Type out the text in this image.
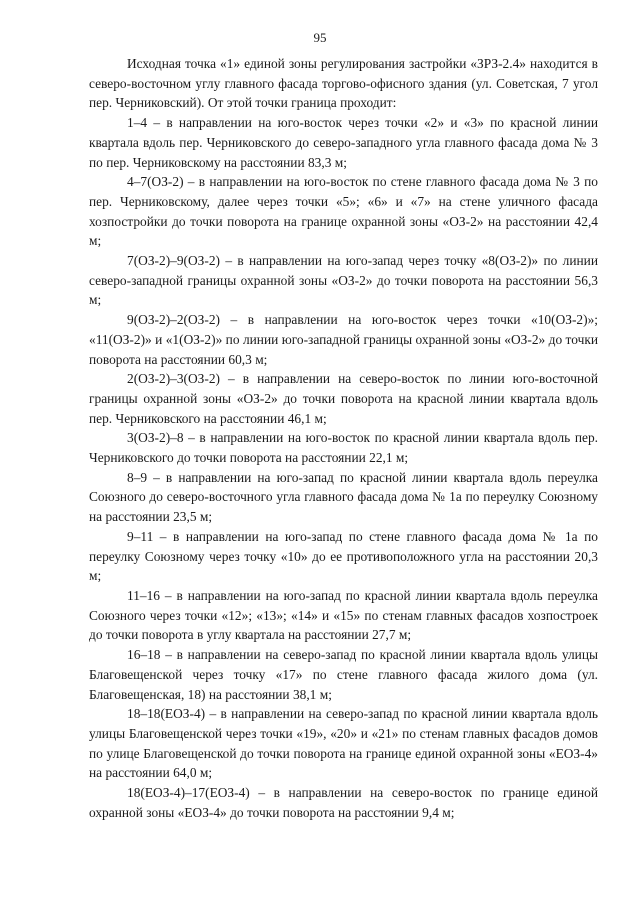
95

Исходная точка «1» единой зоны регулирования застройки «ЗРЗ-2.4» находится в северо-восточном углу главного фасада торгово-офисного здания (ул. Советская, 7 угол пер. Черниковский). От этой точки граница проходит:

1–4 – в направлении на юго-восток через точки «2» и «3» по красной линии квартала вдоль пер. Черниковского до северо-западного угла главного фасада дома № 3 по пер. Черниковскому на расстоянии 83,3 м;

4–7(ОЗ-2) – в направлении на юго-восток по стене главного фасада дома № 3 по пер. Черниковскому, далее через точки «5»; «6» и «7» на стене уличного фасада хозпостройки до точки поворота на границе охранной зоны «ОЗ-2» на расстоянии 42,4 м;

7(ОЗ-2)–9(ОЗ-2) – в направлении на юго-запад через точку «8(ОЗ-2)» по линии северо-западной границы охранной зоны «ОЗ-2» до точки поворота на расстоянии 56,3 м;

9(ОЗ-2)–2(ОЗ-2) – в направлении на юго-восток через точки «10(ОЗ-2)»; «11(ОЗ-2)» и «1(ОЗ-2)» по линии юго-западной границы охранной зоны «ОЗ-2» до точки поворота на расстоянии 60,3 м;

2(ОЗ-2)–3(ОЗ-2) – в направлении на северо-восток по линии юго-восточной границы охранной зоны «ОЗ-2» до точки поворота на красной линии квартала вдоль пер. Черниковского на расстоянии 46,1 м;

3(ОЗ-2)–8 – в направлении на юго-восток по красной линии квартала вдоль пер. Черниковского до точки поворота на расстоянии 22,1 м;

8–9 – в направлении на юго-запад по красной линии квартала вдоль переулка Союзного до северо-восточного угла главного фасада дома № 1а по переулку Союзному на расстоянии 23,5 м;

9–11 – в направлении на юго-запад по стене главного фасада дома № 1а по переулку Союзному через точку «10» до ее противоположного угла на расстоянии 20,3 м;

11–16 – в направлении на юго-запад по красной линии квартала вдоль переулка Союзного через точки «12»; «13»; «14» и «15» по стенам главных фасадов хозпостроек до точки поворота в углу квартала на расстоянии 27,7 м;

16–18 – в направлении на северо-запад по красной линии квартала вдоль улицы Благовещенской через точку «17» по стене главного фасада жилого дома (ул. Благовещенская, 18) на расстоянии 38,1 м;

18–18(ЕОЗ-4) – в направлении на северо-запад по красной линии квартала вдоль улицы Благовещенской через точки «19», «20» и «21» по стенам главных фасадов домов по улице Благовещенской до точки поворота на границе единой охранной зоны «ЕОЗ-4» на расстоянии 64,0 м;

18(ЕОЗ-4)–17(ЕОЗ-4) – в направлении на северо-восток по границе единой охранной зоны «ЕОЗ-4» до точки поворота на расстоянии 9,4 м;
